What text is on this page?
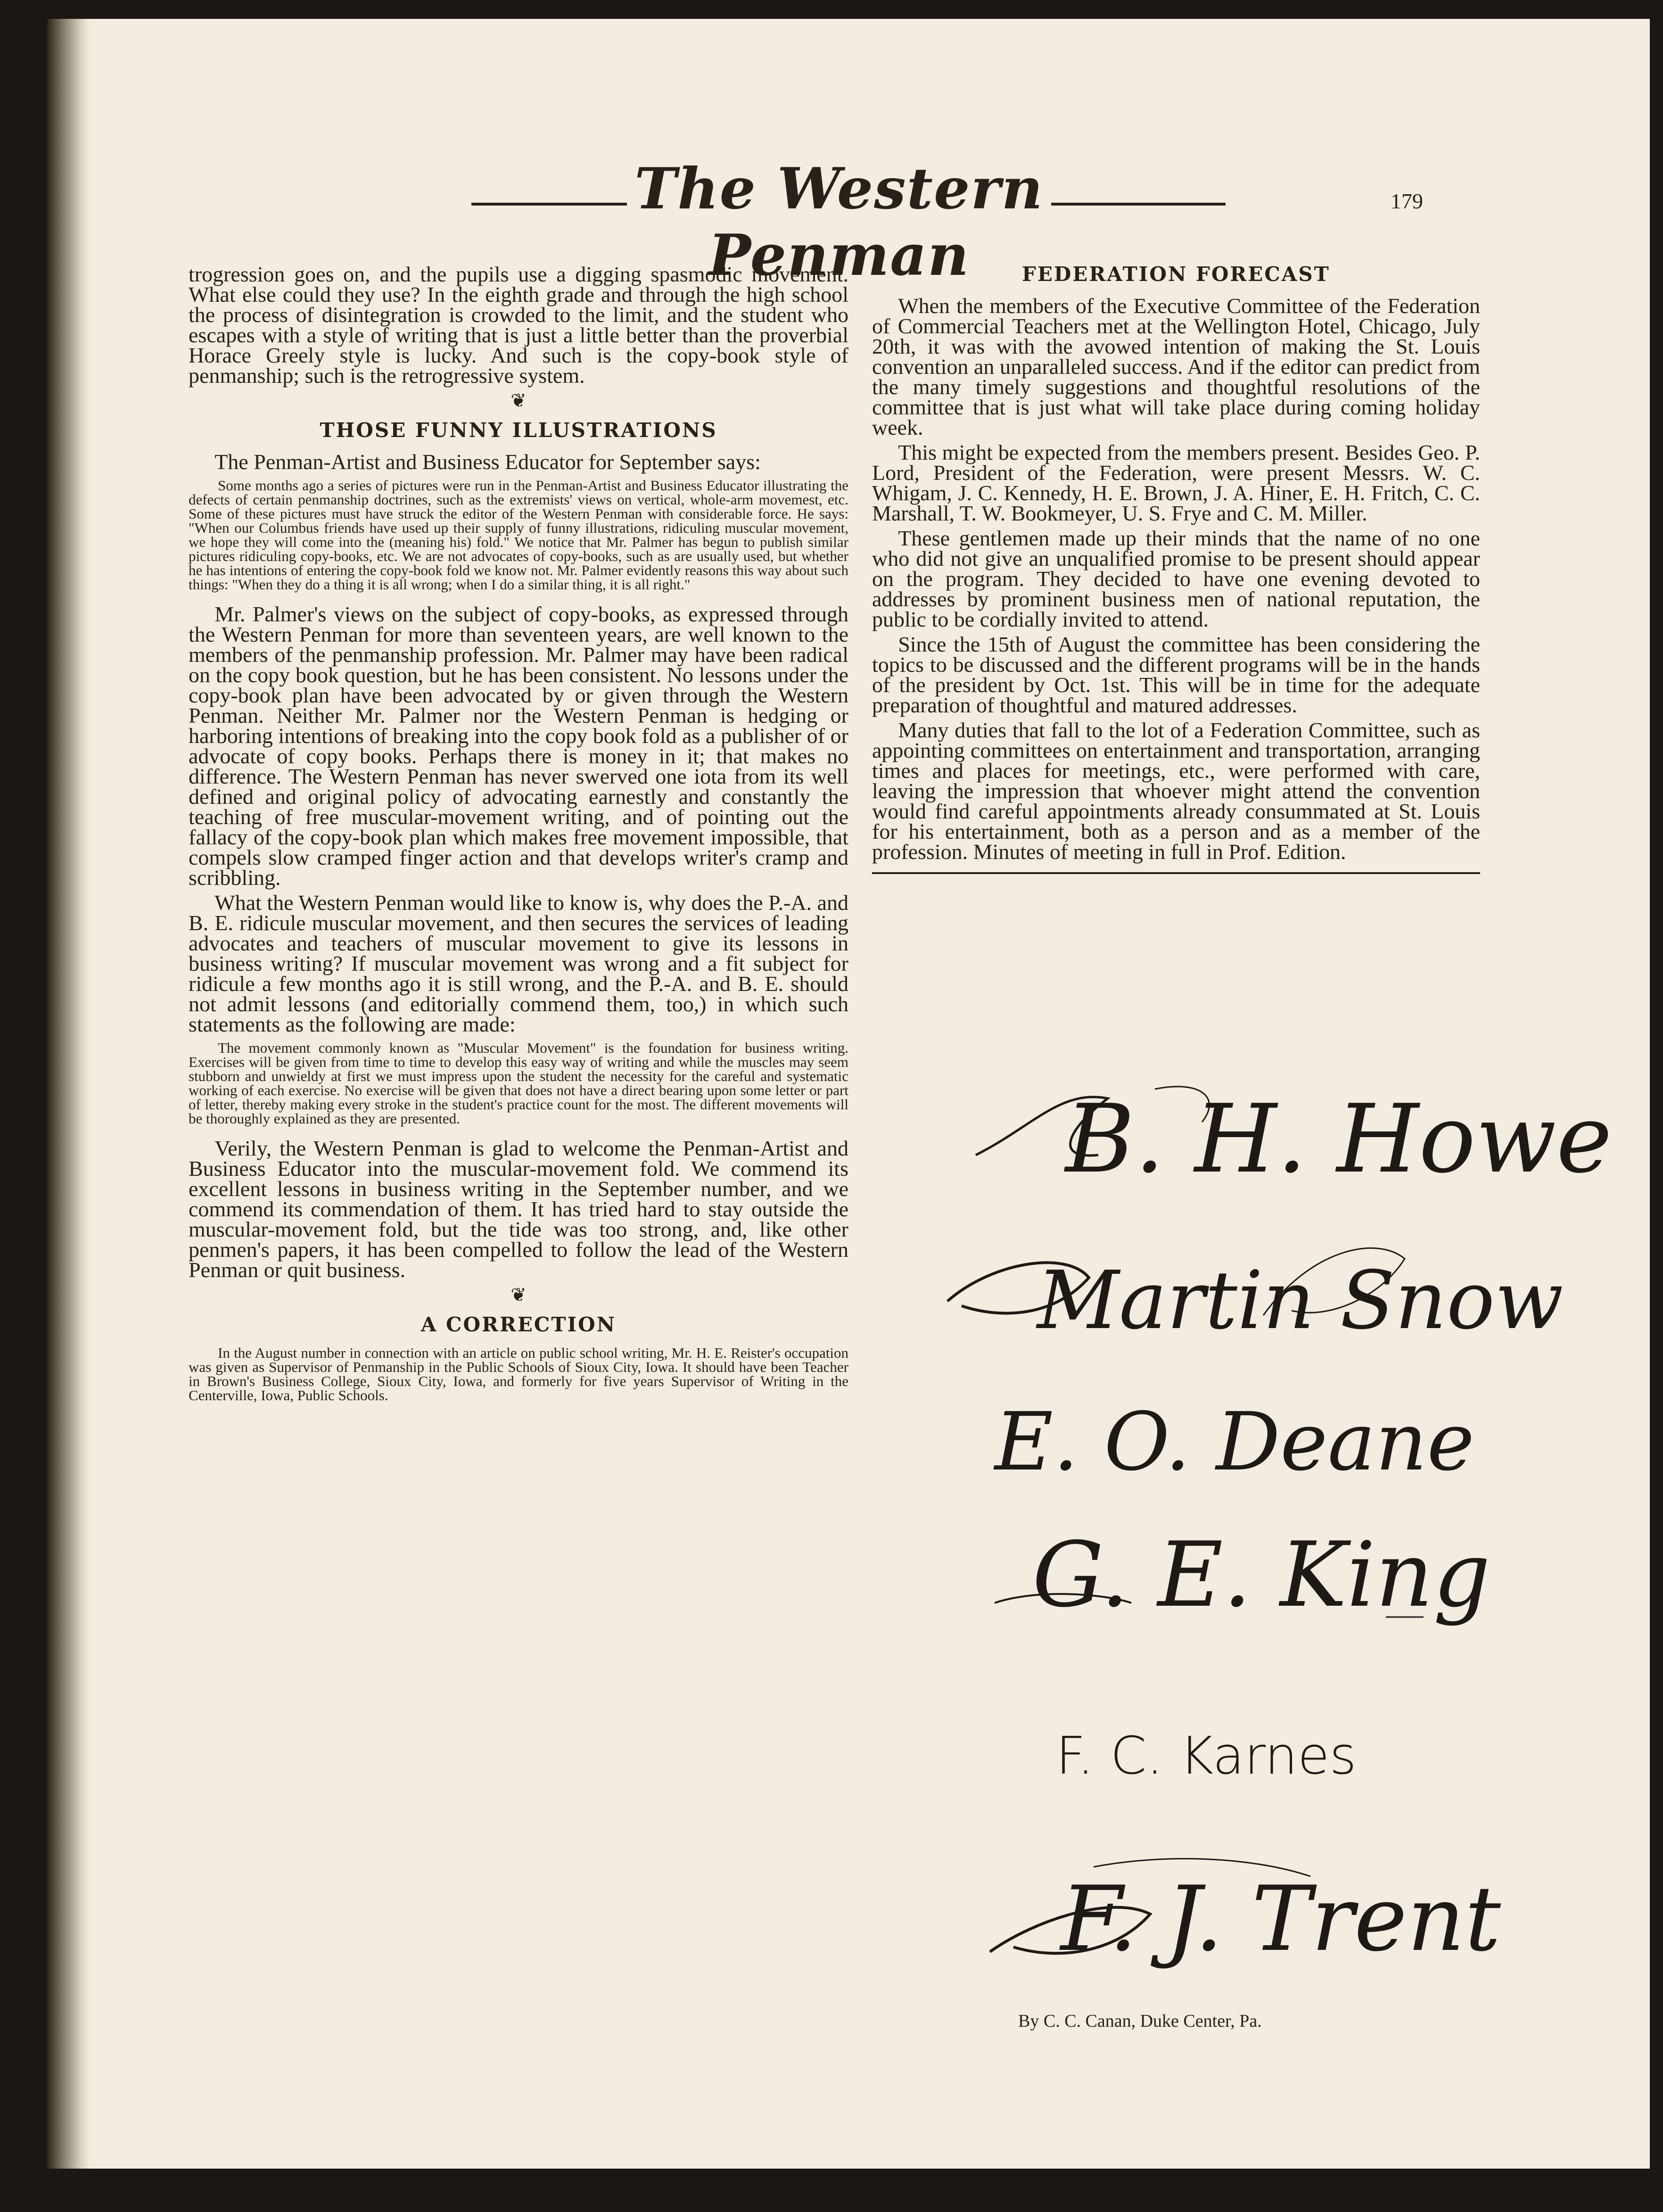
The Western Penman
179

trogression goes on, and the pupils use a digging spasmodic movement. What else could they use? In the eighth grade and through the high school the process of disintegration is crowded to the limit, and the student who escapes with a style of writing that is just a little better than the proverbial Horace Greely style is lucky. And such is the copy-book style of penmanship; such is the retrogressive system.

❦
THOSE FUNNY ILLUSTRATIONS

The Penman-Artist and Business Educator for September says:

Some months ago a series of pictures were run in the Penman-Artist and Business Educator illustrating the defects of certain penmanship doctrines, such as the extremists' views on vertical, whole-arm movemest, etc. Some of these pictures must have struck the editor of the Western Penman with considerable force. He says: "When our Columbus friends have used up their supply of funny illustrations, ridiculing muscular movement, we hope they will come into the (meaning his) fold." We notice that Mr. Palmer has begun to publish similar pictures ridiculing copy-books, etc. We are not advocates of copy-books, such as are usually used, but whether he has intentions of entering the copy-book fold we know not. Mr. Palmer evidently reasons this way about such things: "When they do a thing it is all wrong; when I do a similar thing, it is all right."

Mr. Palmer's views on the subject of copy-books, as expressed through the Western Penman for more than seventeen years, are well known to the members of the penmanship profession. Mr. Palmer may have been radical on the copy book question, but he has been consistent. No lessons under the copy-book plan have been advocated by or given through the Western Penman. Neither Mr. Palmer nor the Western Penman is hedging or harboring intentions of breaking into the copy book fold as a publisher of or advocate of copy books. Perhaps there is money in it; that makes no difference. The Western Penman has never swerved one iota from its well defined and original policy of advocating earnestly and constantly the teaching of free muscular-movement writing, and of pointing out the fallacy of the copy-book plan which makes free movement impossible, that compels slow cramped finger action and that develops writer's cramp and scribbling.

What the Western Penman would like to know is, why does the P.-A. and B. E. ridicule muscular movement, and then secures the services of leading advocates and teachers of muscular movement to give its lessons in business writing? If muscular movement was wrong and a fit subject for ridicule a few months ago it is still wrong, and the P.-A. and B. E. should not admit lessons (and editorially commend them, too,) in which such statements as the following are made:

The movement commonly known as "Muscular Movement" is the foundation for business writing. Exercises will be given from time to time to develop this easy way of writing and while the muscles may seem stubborn and unwieldy at first we must impress upon the student the necessity for the careful and systematic working of each exercise. No exercise will be given that does not have a direct bearing upon some letter or part of letter, thereby making every stroke in the student's practice count for the most. The different movements will be thoroughly explained as they are presented.

Verily, the Western Penman is glad to welcome the Penman-Artist and Business Educator into the muscular-movement fold. We commend its excellent lessons in business writing in the September number, and we commend its commendation of them. It has tried hard to stay outside the muscular-movement fold, but the tide was too strong, and, like other penmen's papers, it has been compelled to follow the lead of the Western Penman or quit business.

❦
A CORRECTION

In the August number in connection with an article on public school writing, Mr. H. E. Reister's occupation was given as Supervisor of Penmanship in the Public Schools of Sioux City, Iowa. It should have been Teacher in Brown's Business College, Sioux City, Iowa, and formerly for five years Supervisor of Writing in the Centerville, Iowa, Public Schools.

FEDERATION FORECAST

When the members of the Executive Committee of the Federation of Commercial Teachers met at the Wellington Hotel, Chicago, July 20th, it was with the avowed intention of making the St. Louis convention an unparalleled success. And if the editor can predict from the many timely suggestions and thoughtful resolutions of the committee that is just what will take place during coming holiday week.

This might be expected from the members present. Besides Geo. P. Lord, President of the Federation, were present Messrs. W. C. Whigam, J. C. Kennedy, H. E. Brown, J. A. Hiner, E. H. Fritch, C. C. Marshall, T. W. Bookmeyer, U. S. Frye and C. M. Miller.

These gentlemen made up their minds that the name of no one who did not give an unqualified promise to be present should appear on the program. They decided to have one evening devoted to addresses by prominent business men of national reputation, the public to be cordially invited to attend.

Since the 15th of August the committee has been considering the topics to be discussed and the different programs will be in the hands of the president by Oct. 1st. This will be in time for the adequate preparation of thoughtful and matured addresses.

Many duties that fall to the lot of a Federation Committee, such as appointing committees on entertainment and transportation, arranging times and places for meetings, etc., were performed with care, leaving the impression that whoever might attend the convention would find careful appointments already consummated at St. Louis for his entertainment, both as a person and as a member of the profession. Minutes of meeting in full in Prof. Edition.

B. H. Howe
Martin Snow
E. O. Deane
G. E. King
F. C. Karnes
F. J. Trent
By C. C. Canan, Duke Center, Pa.
